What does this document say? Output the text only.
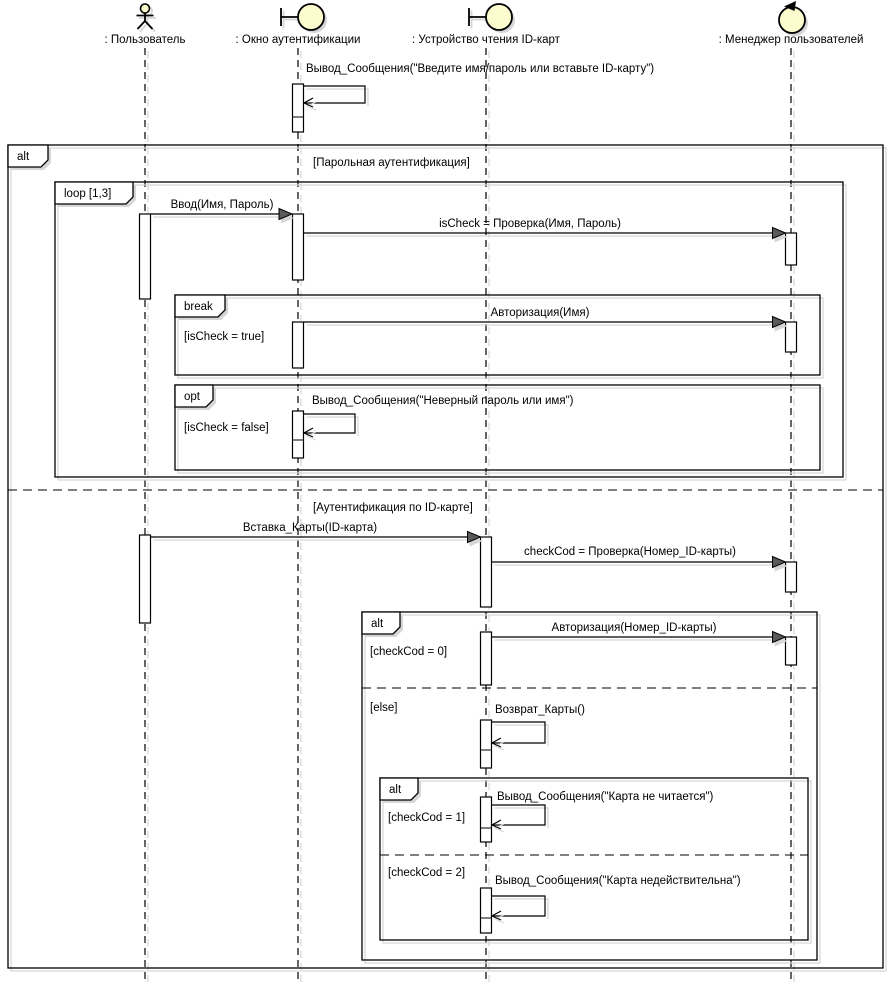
: Пользователь	: Окно аутентификации	: Устройство чтения ID-карт	: Менеджер пользователей
alt	[Парольная аутентификация]
[Аутентификация по ID-карте]
loop [1,3]
break
[isCheck = true]
opt
[isCheck = false]
alt
[checkCod = 0]
[else]
alt
[checkCod = 1]
[checkCod = 2]
Вывод_Сообщения("Введите имя/пароль или вставьте ID-карту")
Ввод(Имя, Пароль)
isCheck = Проверка(Имя, Пароль)
Авторизация(Имя)
Вывод_Сообщения("Неверный пароль или имя")
Вставка_Карты(ID-карта)
checkCod = Проверка(Номер_ID-карты)
Авторизация(Номер_ID-карты)
Возврат_Карты()
Вывод_Сообщения("Карта не читается")
Вывод_Сообщения("Карта недействительна")
